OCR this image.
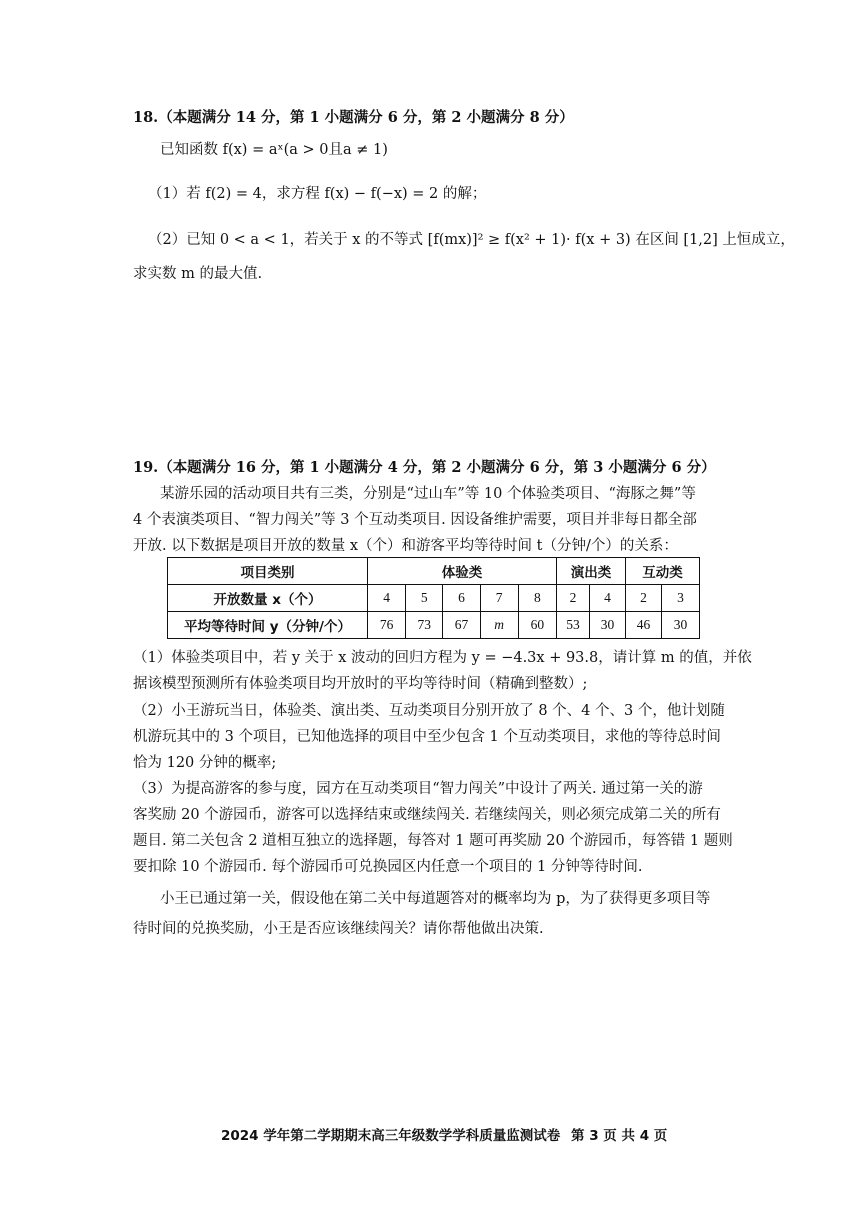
18.（本题满分 14 分，第 1 小题满分 6 分，第 2 小题满分 8 分）
已知函数 f(x) = aˣ(a > 0且a ≠ 1)
（1）若 f(2) = 4，求方程 f(x) − f(−x) = 2 的解；
（2）已知 0 < a < 1，若关于 x 的不等式 [f(mx)]² ≥ f(x² + 1)· f(x + 3) 在区间 [1,2] 上恒成立，
求实数 m 的最大值.
19.（本题满分 16 分，第 1 小题满分 4 分，第 2 小题满分 6 分，第 3 小题满分 6 分）
某游乐园的活动项目共有三类，分别是“过山车”等 10 个体验类项目、“海豚之舞”等
4 个表演类项目、“智力闯关”等 3 个互动类项目. 因设备维护需要，项目并非每日都全部
开放. 以下数据是项目开放的数量 x（个）和游客平均等待时间 t（分钟/个）的关系：
项目类别	体验类					演出类		互动类	
开放数量 x（个）	4	5	6	7	8	2	4	2	3
平均等待时间 y（分钟/个）	76	73	67	m	60	53	30	46	30
（1）体验类项目中，若 y 关于 x 波动的回归方程为 y = −4.3x + 93.8，请计算 m 的值，并依
据该模型预测所有体验类项目均开放时的平均等待时间（精确到整数）;
（2）小王游玩当日，体验类、演出类、互动类项目分别开放了 8 个、4 个、3 个，他计划随
机游玩其中的 3 个项目，已知他选择的项目中至少包含 1 个互动类项目，求他的等待总时间
恰为 120 分钟的概率;
（3）为提高游客的参与度，园方在互动类项目“智力闯关”中设计了两关. 通过第一关的游
客奖励 20 个游园币，游客可以选择结束或继续闯关. 若继续闯关，则必须完成第二关的所有
题目. 第二关包含 2 道相互独立的选择题，每答对 1 题可再奖励 20 个游园币，每答错 1 题则
要扣除 10 个游园币. 每个游园币可兑换园区内任意一个项目的 1 分钟等待时间.
小王已通过第一关，假设他在第二关中每道题答对的概率均为 p，为了获得更多项目等
待时间的兑换奖励，小王是否应该继续闯关？请你帮他做出决策.
2024 学年第二学期期末高三年级数学学科质量监测试卷 第 3 页 共 4 页
